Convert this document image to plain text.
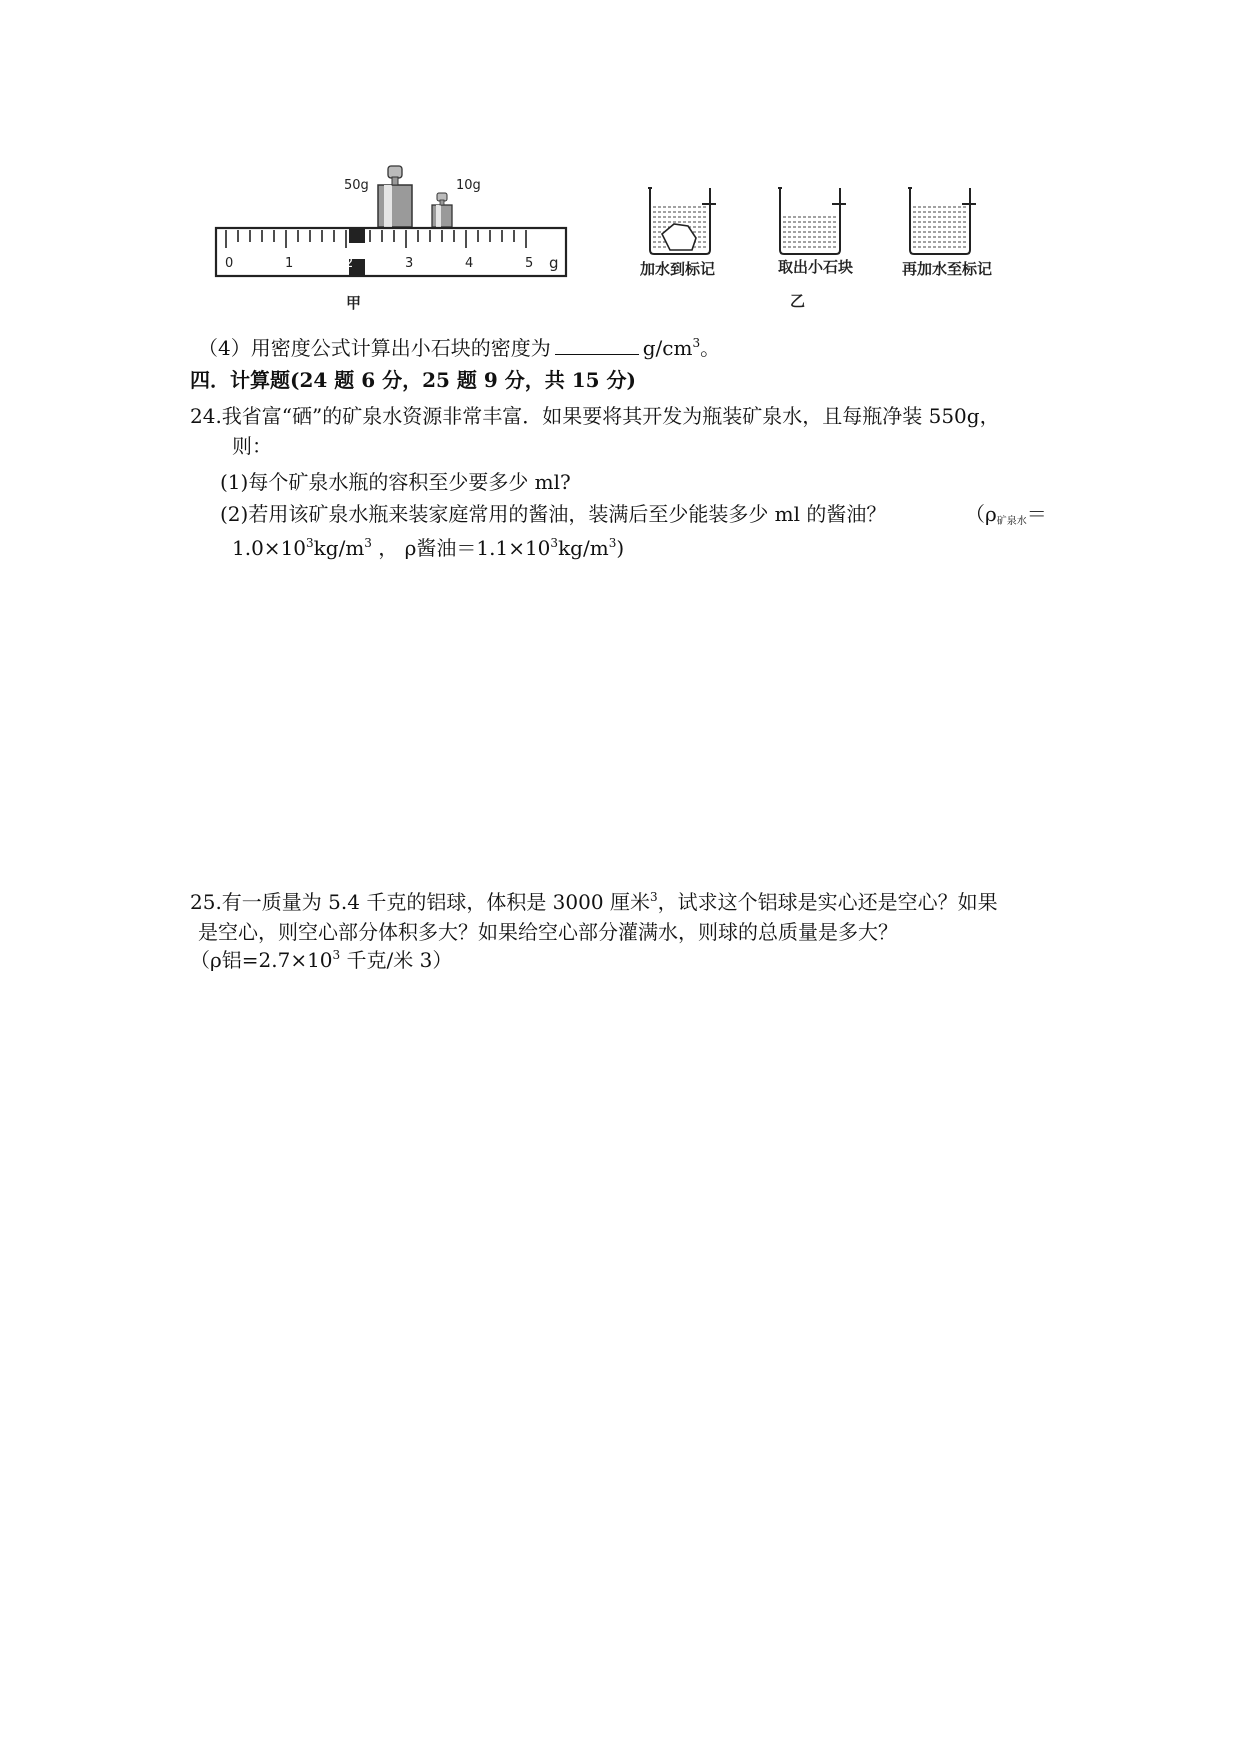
50g	10g
0	1	2	3	4	5 g
甲
加水到标记	取出小石块	再加水至标记
乙
（4）用密度公式计算出小石块的密度为	$g/cm^3$。
四．计算题(24 题 6 分，25 题 9 分，共 15 分)
24.我省富“硒”的矿泉水资源非常丰富．如果要将其开发为瓶装矿泉水，且每瓶净装 550g，
则：
(1)每个矿泉水瓶的容积至少要多少 ml?
(2)若用该矿泉水瓶来装家庭常用的酱油，装满后至少能装多少 ml 的酱油？	（$\rho_{矿泉水}=$
$1.0\times 10^3kg/m^3$ ， ρ酱油$=1.1\times 10^3kg/m^3$)
25.有一质量为 5.4 千克的铝球，体积是 3000 厘米$^3$，试求这个铝球是实心还是空心？如果
是空心，则空心部分体积多大？如果给空心部分灌满水，则球的总质量是多大？
（ρ铝$=2.7\times 10^3$ 千克/米 3）
